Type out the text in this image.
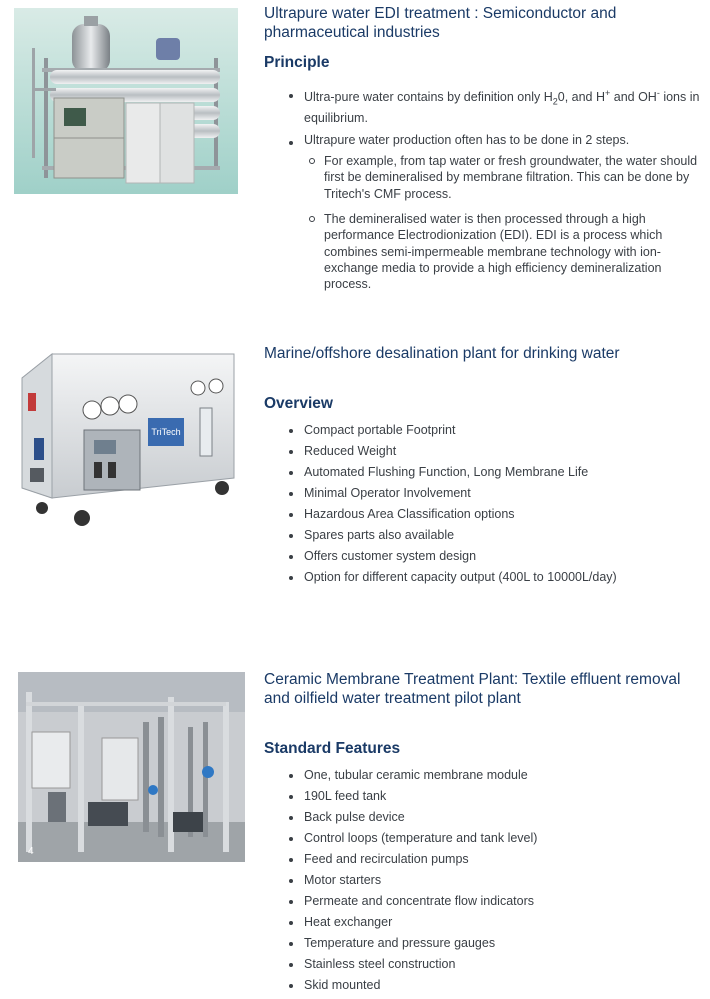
Ultrapure water EDI treatment : Semiconductor and pharmaceutical industries
Principle
Ultra-pure water contains by definition only $H_20$, and H+ and OH- ions in equilibrium.
Ultrapure water production often has to be done in 2 steps.
For example, from tap water or fresh groundwater, the water should first be demineralised by membrane filtration. This can be done by Tritech's CMF process.
The demineralised water is then processed through a high performance Electrodionization (EDI). EDI is a process which combines semi-impermeable membrane technology with ion-exchange media to provide a high efficiency demineralization process.
TriTech
Marine/offshore desalination plant for drinking water
Overview
Compact portable Footprint
Reduced Weight
Automated Flushing Function, Long Membrane Life
Minimal Operator Involvement
Hazardous Area Classification options
Spares parts also available
Offers customer system design
Option for different capacity output (400L to 10000L/day)
4
Ceramic Membrane Treatment Plant: Textile effluent removal and oilfield water treatment pilot plant
Standard Features
One, tubular ceramic membrane module
190L feed tank
Back pulse device
Control loops (temperature and tank level)
Feed and recirculation pumps
Motor starters
Permeate and concentrate flow indicators
Heat exchanger
Temperature and pressure gauges
Stainless steel construction
Skid mounted
